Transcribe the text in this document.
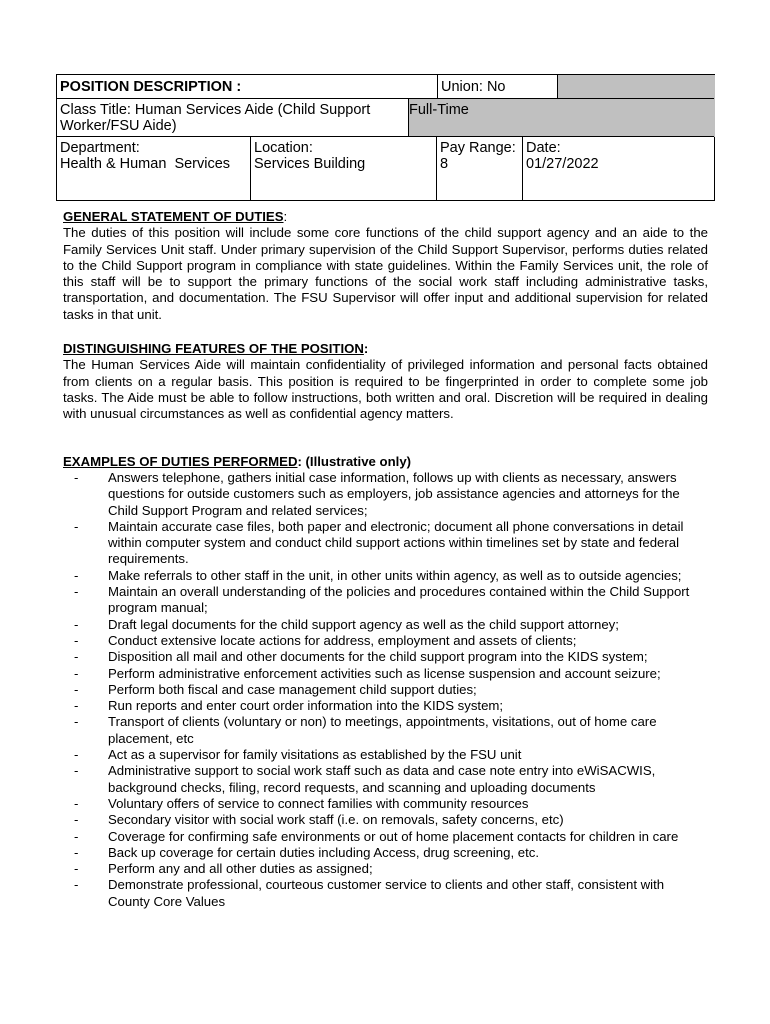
POSITION DESCRIPTION :	Union: No
Class Title: Human Services Aide (Child Support Worker/FSU Aide)
Full-Time
Department:
Health & Human  Services
Location:
Services Building
Pay Range:
8
Date:
01/27/2022
GENERAL STATEMENT OF DUTIES:
The duties of this position will include some core functions of the child support agency and an aide to the Family Services Unit staff. Under primary supervision of the Child Support Supervisor, performs duties related to the Child Support program in compliance with state guidelines. Within the Family Services unit, the role of this staff will be to support the primary functions of the social work staff including administrative tasks, transportation, and documentation. The FSU Supervisor will offer input and additional supervision for related tasks in that unit.
DISTINGUISHING FEATURES OF THE POSITION:
The Human Services Aide will maintain confidentiality of privileged information and personal facts obtained from clients on a regular basis. This position is required to be fingerprinted in order to complete some job tasks. The Aide must be able to follow instructions, both written and oral. Discretion will be required in dealing with unusual circumstances as well as confidential agency matters.
EXAMPLES OF DUTIES PERFORMED: (Illustrative only)
- Answers telephone, gathers initial case information, follows up with clients as necessary, answers questions for outside customers such as employers, job assistance agencies and attorneys for the Child Support Program and related services;
- Maintain accurate case files, both paper and electronic; document all phone conversations in detail within computer system and conduct child support actions within timelines set by state and federal requirements.
- Make referrals to other staff in the unit, in other units within agency, as well as to outside agencies;
- Maintain an overall understanding of the policies and procedures contained within the Child Support program manual;
- Draft legal documents for the child support agency as well as the child support attorney;
- Conduct extensive locate actions for address, employment and assets of clients;
- Disposition all mail and other documents for the child support program into the KIDS system;
- Perform administrative enforcement activities such as license suspension and account seizure;
- Perform both fiscal and case management child support duties;
- Run reports and enter court order information into the KIDS system;
- Transport of clients (voluntary or non) to meetings, appointments, visitations, out of home care placement, etc
- Act as a supervisor for family visitations as established by the FSU unit
- Administrative support to social work staff such as data and case note entry into eWiSACWIS, background checks, filing, record requests, and scanning and uploading documents
- Voluntary offers of service to connect families with community resources
- Secondary visitor with social work staff (i.e. on removals, safety concerns, etc)
- Coverage for confirming safe environments or out of home placement contacts for children in care
- Back up coverage for certain duties including Access, drug screening, etc.
- Perform any and all other duties as assigned;
- Demonstrate professional, courteous customer service to clients and other staff, consistent with County Core Values
